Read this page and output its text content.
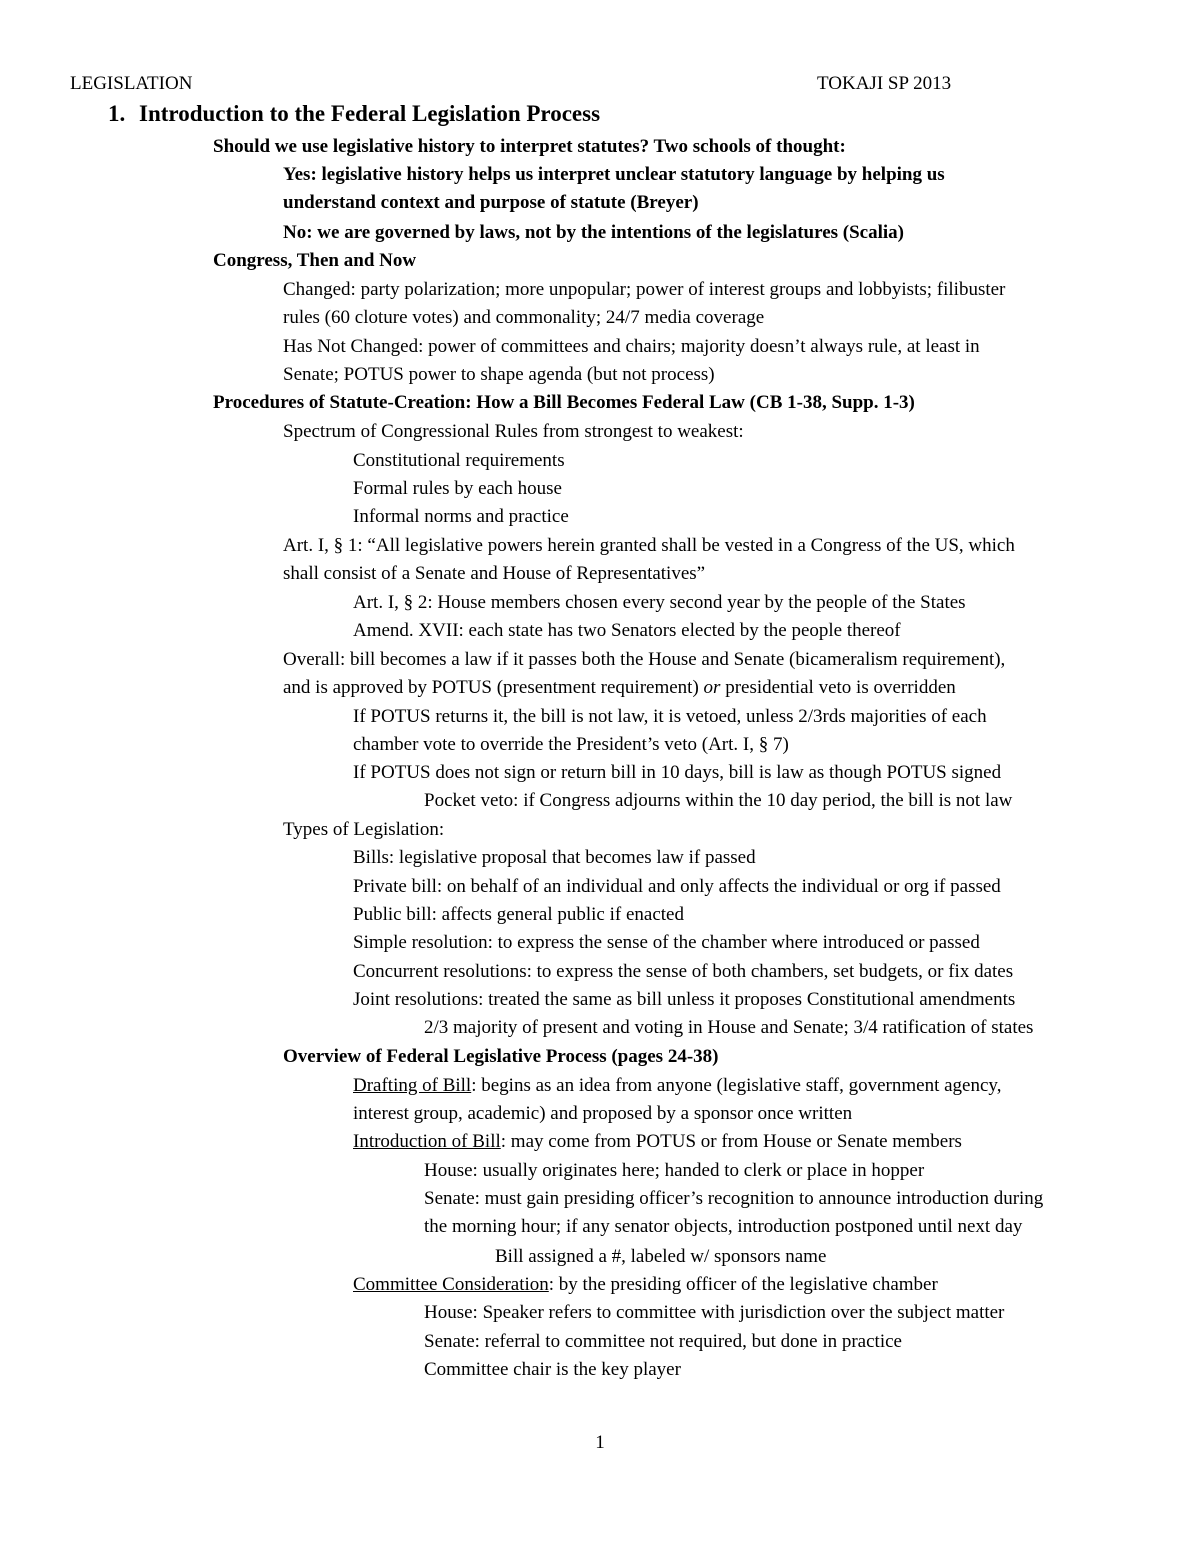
LEGISLATION	TOKAJI SP 2013
1. Introduction to the Federal Legislation Process
Should we use legislative history to interpret statutes? Two schools of thought:
Yes: legislative history helps us interpret unclear statutory language by helping us
understand context and purpose of statute (Breyer)
No: we are governed by laws, not by the intentions of the legislatures (Scalia)
Congress, Then and Now
Changed: party polarization; more unpopular; power of interest groups and lobbyists; filibuster
rules (60 cloture votes) and commonality; 24/7 media coverage
Has Not Changed: power of committees and chairs; majority doesn’t always rule, at least in
Senate; POTUS power to shape agenda (but not process)
Procedures of Statute-Creation: How a Bill Becomes Federal Law (CB 1-38, Supp. 1-3)
Spectrum of Congressional Rules from strongest to weakest:
Constitutional requirements
Formal rules by each house
Informal norms and practice
Art. I, § 1: “All legislative powers herein granted shall be vested in a Congress of the US, which
shall consist of a Senate and House of Representatives”
Art. I, § 2: House members chosen every second year by the people of the States
Amend. XVII: each state has two Senators elected by the people thereof
Overall: bill becomes a law if it passes both the House and Senate (bicameralism requirement),
and is approved by POTUS (presentment requirement) or presidential veto is overridden
If POTUS returns it, the bill is not law, it is vetoed, unless 2/3rds majorities of each
chamber vote to override the President’s veto (Art. I, § 7)
If POTUS does not sign or return bill in 10 days, bill is law as though POTUS signed
Pocket veto: if Congress adjourns within the 10 day period, the bill is not law
Types of Legislation:
Bills: legislative proposal that becomes law if passed
Private bill: on behalf of an individual and only affects the individual or org if passed
Public bill: affects general public if enacted
Simple resolution: to express the sense of the chamber where introduced or passed
Concurrent resolutions: to express the sense of both chambers, set budgets, or fix dates
Joint resolutions: treated the same as bill unless it proposes Constitutional amendments
2/3 majority of present and voting in House and Senate; 3/4 ratification of states
Overview of Federal Legislative Process (pages 24-38)
Drafting of Bill: begins as an idea from anyone (legislative staff, government agency,
interest group, academic) and proposed by a sponsor once written
Introduction of Bill: may come from POTUS or from House or Senate members
House: usually originates here; handed to clerk or place in hopper
Senate: must gain presiding officer’s recognition to announce introduction during
the morning hour; if any senator objects, introduction postponed until next day
Bill assigned a #, labeled w/ sponsors name
Committee Consideration: by the presiding officer of the legislative chamber
House: Speaker refers to committee with jurisdiction over the subject matter
Senate: referral to committee not required, but done in practice
Committee chair is the key player
1
